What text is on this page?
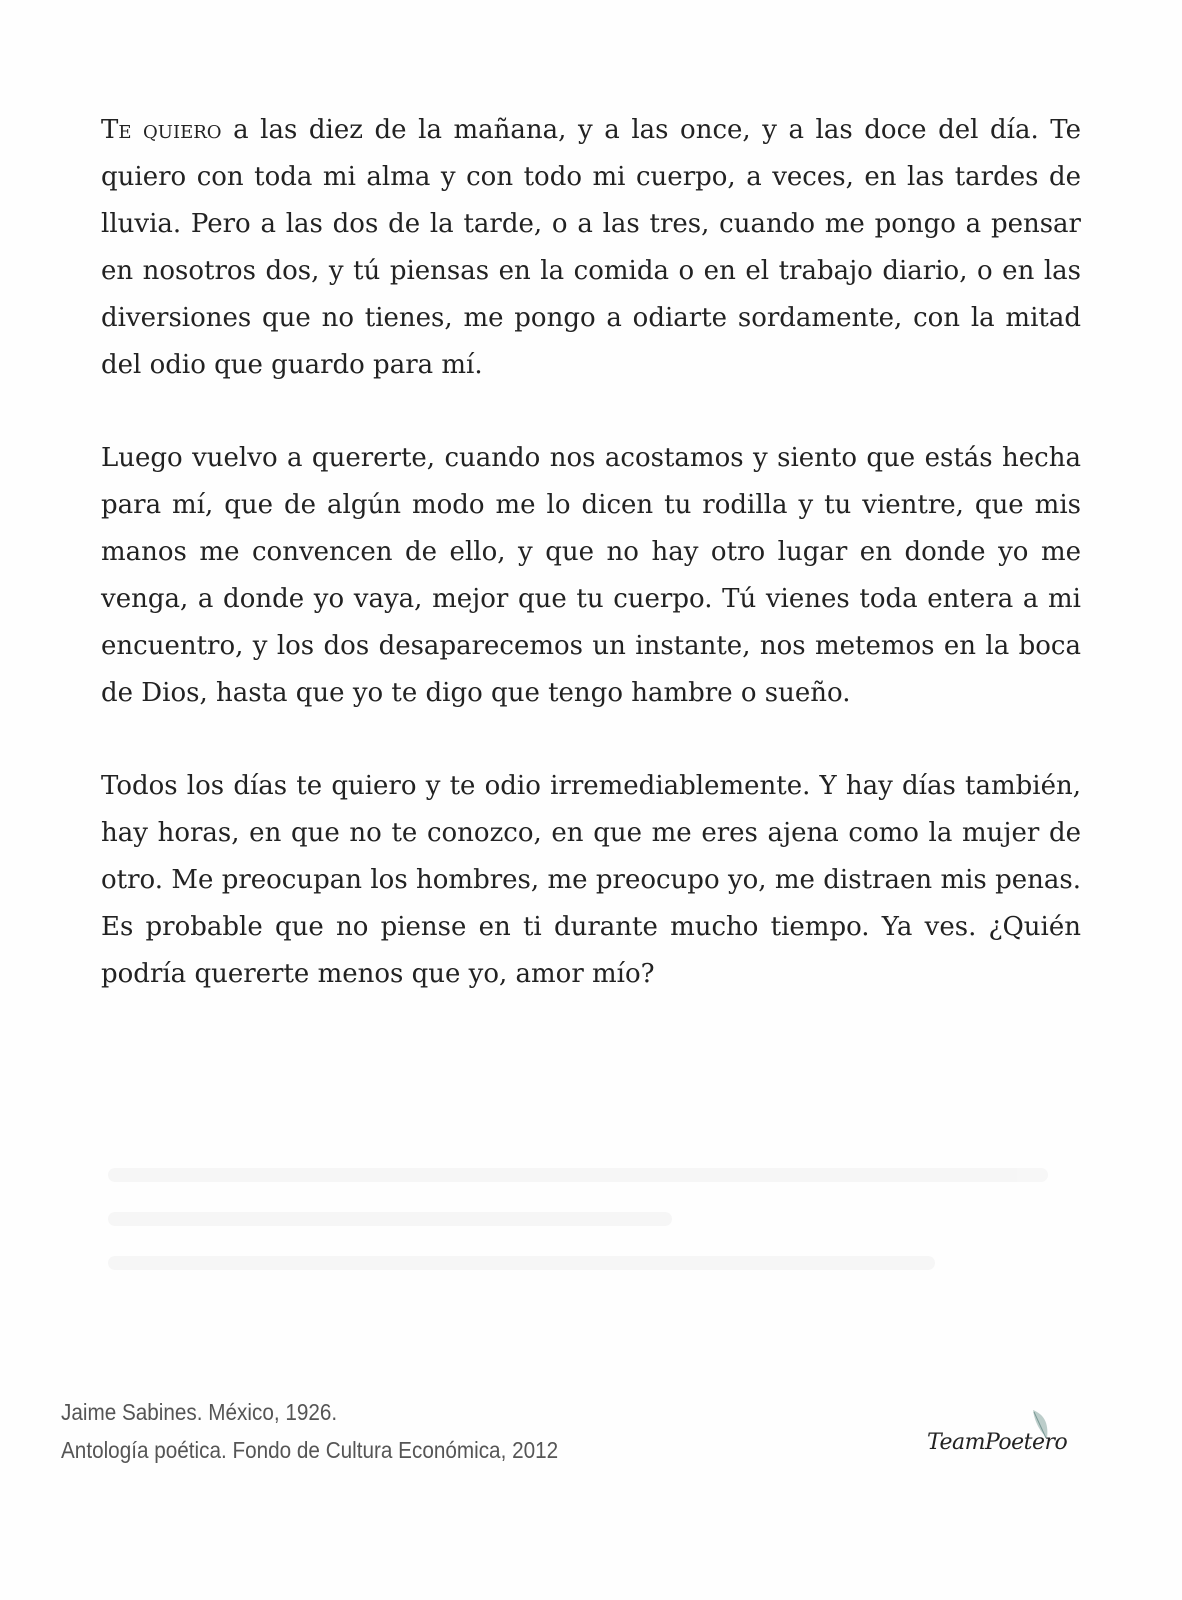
Te quiero a las diez de la mañana, y a las once, y a las doce del día. Te quiero con toda mi alma y con todo mi cuerpo, a veces, en las tardes de lluvia. Pero a las dos de la tarde, o a las tres, cuando me pongo a pensar en nosotros dos, y tú piensas en la comida o en el trabajo diario, o en las diversiones que no tienes, me pongo a odiarte sordamente, con la mitad del odio que guardo para mí.

Luego vuelvo a quererte, cuando nos acostamos y siento que estás hecha para mí, que de algún modo me lo dicen tu rodilla y tu vientre, que mis manos me convencen de ello, y que no hay otro lugar en donde yo me venga, a donde yo vaya, mejor que tu cuerpo. Tú vienes toda entera a mi encuentro, y los dos desaparecemos un instante, nos metemos en la boca de Dios, hasta que yo te digo que tengo hambre o sueño.

Todos los días te quiero y te odio irremediablemente. Y hay días también, hay horas, en que no te conozco, en que me eres ajena como la mujer de otro. Me preocupan los hombres, me preocupo yo, me distraen mis penas. Es probable que no piense en ti durante mucho tiempo. Ya ves. ¿Quién podría quererte menos que yo, amor mío?

Jaime Sabines. México, 1926.
Antología poética. Fondo de Cultura Económica, 2012	TeamPoetero
